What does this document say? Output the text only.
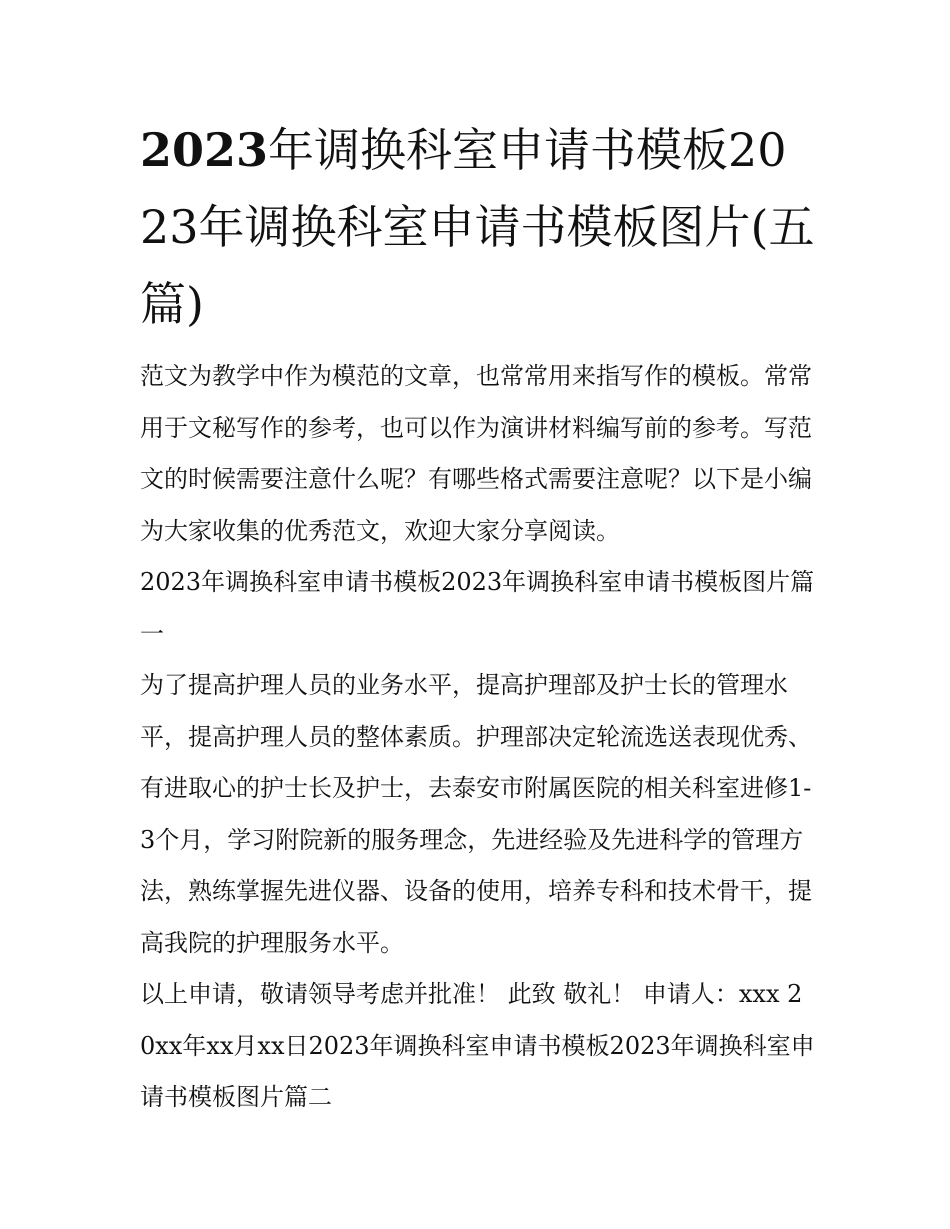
2023年调换科室申请书模板2023年调换科室申请书模板图片(五篇)

范文为教学中作为模范的文章，也常常用来指写作的模板。常常用于文秘写作的参考，也可以作为演讲材料编写前的参考。写范文的时候需要注意什么呢？有哪些格式需要注意呢？以下是小编为大家收集的优秀范文，欢迎大家分享阅读。

2023年调换科室申请书模板2023年调换科室申请书模板图片篇一

为了提高护理人员的业务水平，提高护理部及护士长的管理水平，提高护理人员的整体素质。护理部决定轮流选送表现优秀、有进取心的护士长及护士，去泰安市附属医院的相关科室进修1-3个月，学习附院新的服务理念，先进经验及先进科学的管理方法，熟练掌握先进仪器、设备的使用，培养专科和技术骨干，提高我院的护理服务水平。

以上申请，敬请领导考虑并批准！ 此致 敬礼！ 申请人：xxx 20xx年xx月xx日2023年调换科室申请书模板2023年调换科室申请书模板图片篇二
